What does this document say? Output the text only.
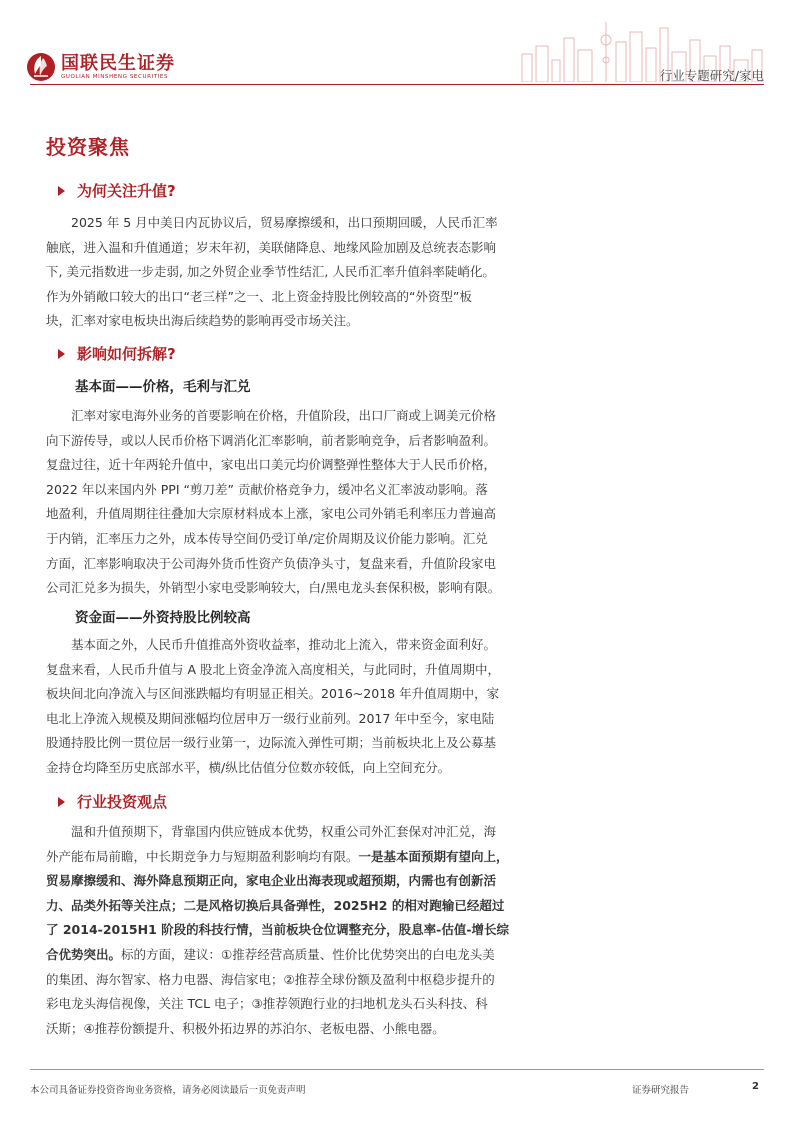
国联民生证券
GUOLIAN MINSHENG SECURITIES	行业专题研究/家电
投资聚焦
为何关注升值?
2025 年 5 月中美日内瓦协议后，贸易摩擦缓和，出口预期回暖，人民币汇率
触底，进入温和升值通道；岁末年初，美联储降息、地缘风险加剧及总统表态影响
下, 美元指数进一步走弱, 加之外贸企业季节性结汇, 人民币汇率升值斜率陡峭化。
作为外销敞口较大的出口“老三样”之一、北上资金持股比例较高的“外资型”板
块，汇率对家电板块出海后续趋势的影响再受市场关注。
影响如何拆解?
基本面——价格，毛利与汇兑
汇率对家电海外业务的首要影响在价格，升值阶段，出口厂商或上调美元价格
向下游传导，或以人民币价格下调消化汇率影响，前者影响竞争，后者影响盈利。
复盘过往，近十年两轮升值中，家电出口美元均价调整弹性整体大于人民币价格，
2022 年以来国内外 PPI “剪刀差” 贡献价格竞争力，缓冲名义汇率波动影响。落
地盈利，升值周期往往叠加大宗原材料成本上涨，家电公司外销毛利率压力普遍高
于内销，汇率压力之外，成本传导空间仍受订单/定价周期及议价能力影响。汇兑
方面，汇率影响取决于公司海外货币性资产负债净头寸，复盘来看，升值阶段家电
公司汇兑多为损失，外销型小家电受影响较大，白/黑电龙头套保积极，影响有限。
资金面——外资持股比例较高
基本面之外，人民币升值推高外资收益率，推动北上流入，带来资金面利好。
复盘来看，人民币升值与 A 股北上资金净流入高度相关，与此同时，升值周期中，
板块间北向净流入与区间涨跌幅均有明显正相关。2016~2018 年升值周期中，家
电北上净流入规模及期间涨幅均位居申万一级行业前列。2017 年中至今，家电陆
股通持股比例一贯位居一级行业第一，边际流入弹性可期；当前板块北上及公募基
金持仓均降至历史底部水平，横/纵比估值分位数亦较低，向上空间充分。
行业投资观点
温和升值预期下，背靠国内供应链成本优势，权重公司外汇套保对冲汇兑，海
外产能布局前瞻，中长期竞争力与短期盈利影响均有限。一是基本面预期有望向上，
贸易摩擦缓和、海外降息预期正向，家电企业出海表现或超预期，内需也有创新活
力、品类外拓等关注点；二是风格切换后具备弹性，2025H2 的相对跑输已经超过
了 2014-2015H1 阶段的科技行情，当前板块仓位调整充分，股息率-估值-增长综
合优势突出。标的方面，建议：①推荐经营高质量、性价比优势突出的白电龙头美
的集团、海尔智家、格力电器、海信家电；②推荐全球份额及盈利中枢稳步提升的
彩电龙头海信视像，关注 TCL 电子；③推荐领跑行业的扫地机龙头石头科技、科
沃斯；④推荐份额提升、积极外拓边界的苏泊尔、老板电器、小熊电器。
本公司具备证券投资咨询业务资格，请务必阅读最后一页免责声明	证券研究报告	2
